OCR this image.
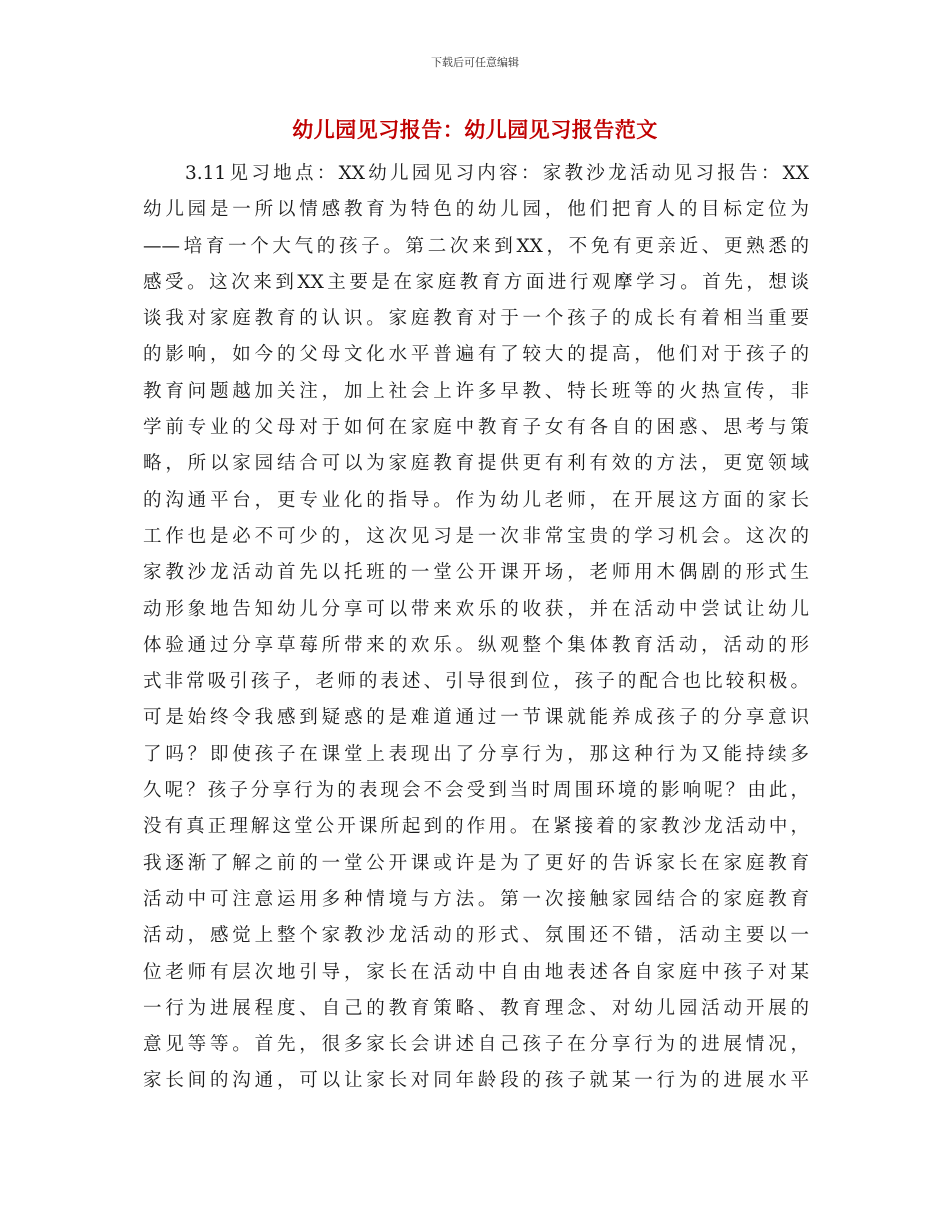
下载后可任意编辑
幼儿园见习报告：幼儿园见习报告范文
3.11见习地点：XX幼儿园见习内容：家教沙龙活动见习报告：XX
幼儿园是一所以情感教育为特色的幼儿园，他们把育人的目标定位为
——培育一个大气的孩子。第二次来到XX，不免有更亲近、更熟悉的
感受。这次来到XX主要是在家庭教育方面进行观摩学习。首先，想谈
谈我对家庭教育的认识。家庭教育对于一个孩子的成长有着相当重要
的影响，如今的父母文化水平普遍有了较大的提高，他们对于孩子的
教育问题越加关注，加上社会上许多早教、特长班等的火热宣传，非
学前专业的父母对于如何在家庭中教育子女有各自的困惑、思考与策
略，所以家园结合可以为家庭教育提供更有利有效的方法，更宽领域
的沟通平台，更专业化的指导。作为幼儿老师，在开展这方面的家长
工作也是必不可少的，这次见习是一次非常宝贵的学习机会。这次的
家教沙龙活动首先以托班的一堂公开课开场，老师用木偶剧的形式生
动形象地告知幼儿分享可以带来欢乐的收获，并在活动中尝试让幼儿
体验通过分享草莓所带来的欢乐。纵观整个集体教育活动，活动的形
式非常吸引孩子，老师的表述、引导很到位，孩子的配合也比较积极。
可是始终令我感到疑惑的是难道通过一节课就能养成孩子的分享意识
了吗？即使孩子在课堂上表现出了分享行为，那这种行为又能持续多
久呢？孩子分享行为的表现会不会受到当时周围环境的影响呢？由此，
没有真正理解这堂公开课所起到的作用。在紧接着的家教沙龙活动中，
我逐渐了解之前的一堂公开课或许是为了更好的告诉家长在家庭教育
活动中可注意运用多种情境与方法。第一次接触家园结合的家庭教育
活动，感觉上整个家教沙龙活动的形式、氛围还不错，活动主要以一
位老师有层次地引导，家长在活动中自由地表述各自家庭中孩子对某
一行为进展程度、自己的教育策略、教育理念、对幼儿园活动开展的
意见等等。首先，很多家长会讲述自己孩子在分享行为的进展情况，
家长间的沟通，可以让家长对同年龄段的孩子就某一行为的进展水平
